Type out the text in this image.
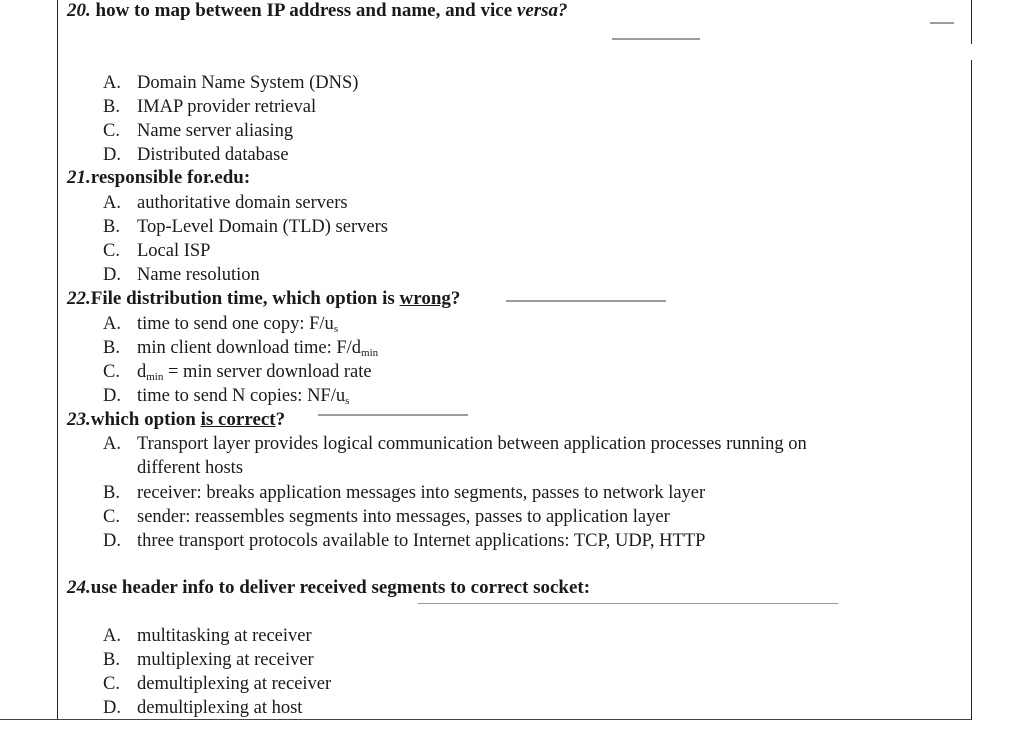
20. how to map between IP address and name, and vice versa?
A. Domain Name System (DNS)
B. IMAP provider retrieval
C. Name server aliasing
D. Distributed database
21.responsible for.edu:
A. authoritative domain servers
B. Top-Level Domain (TLD) servers
C. Local ISP
D. Name resolution
22.File distribution time, which option is wrong?
A. time to send one copy: $F/u_s$
B. min client download time: $F/d_{min}$
C. $d_{min} = \min$ server download rate
D. time to send N copies: $NF/u_s$
23.which option is correct?
A. Transport layer provides logical communication between application processes running on
different hosts
B. receiver: breaks application messages into segments, passes to network layer
C. sender: reassembles segments into messages, passes to application layer
D. three transport protocols available to Internet applications: TCP, UDP, HTTP
24.use header info to deliver received segments to correct socket:
A. multitasking at receiver
B. multiplexing at receiver
C. demultiplexing at receiver
D. demultiplexing at host
